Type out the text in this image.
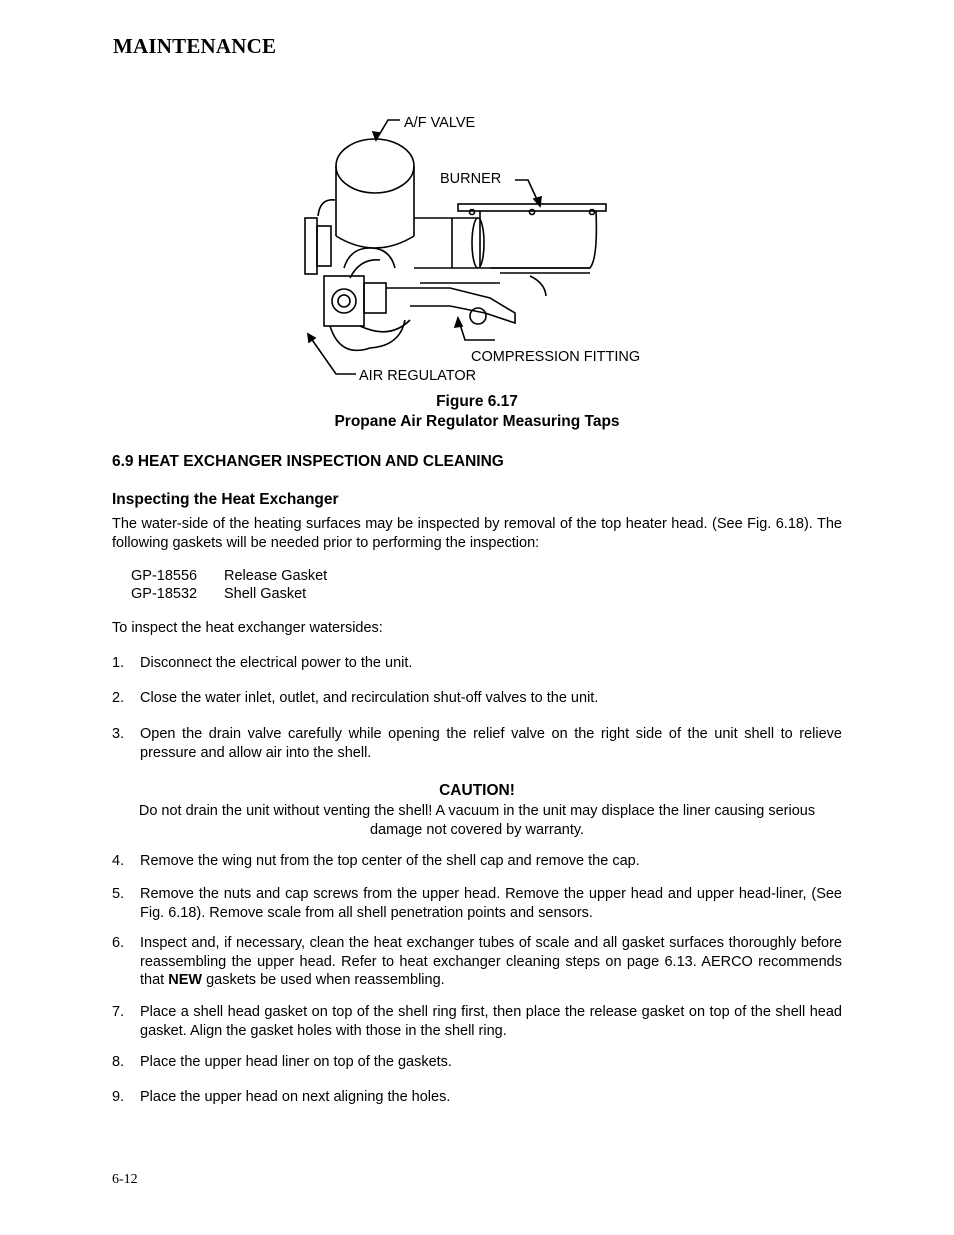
MAINTENANCE
A/F VALVE
BURNER
COMPRESSION FITTING
AIR REGULATOR
Figure 6.17
Propane Air Regulator Measuring Taps
6.9 HEAT EXCHANGER INSPECTION AND CLEANING
Inspecting the Heat Exchanger
The water-side of the heating surfaces may be inspected by removal of the top heater head. (See Fig. 6.18). The following gaskets will be needed prior to performing the inspection:
GP-18556 Release Gasket
GP-18532 Shell Gasket
To inspect the heat exchanger watersides:
1. Disconnect the electrical power to the unit.
2. Close the water inlet, outlet, and recirculation shut-off valves to the unit.
3. Open the drain valve carefully while opening the relief valve on the right side of the unit shell to relieve pressure and allow air into the shell.
CAUTION!
Do not drain the unit without venting the shell! A vacuum in the unit may displace the liner causing serious damage not covered by warranty.
4. Remove the wing nut from the top center of the shell cap and remove the cap.
5. Remove the nuts and cap screws from the upper head. Remove the upper head and upper head-liner, (See Fig. 6.18). Remove scale from all shell penetration points and sensors.
6. Inspect and, if necessary, clean the heat exchanger tubes of scale and all gasket surfaces thoroughly before reassembling the upper head. Refer to heat exchanger cleaning steps on page 6.13. AERCO recommends that NEW gaskets be used when reassembling.
7. Place a shell head gasket on top of the shell ring first, then place the release gasket on top of the shell head gasket. Align the gasket holes with those in the shell ring.
8. Place the upper head liner on top of the gaskets.
9. Place the upper head on next aligning the holes.
6-12
